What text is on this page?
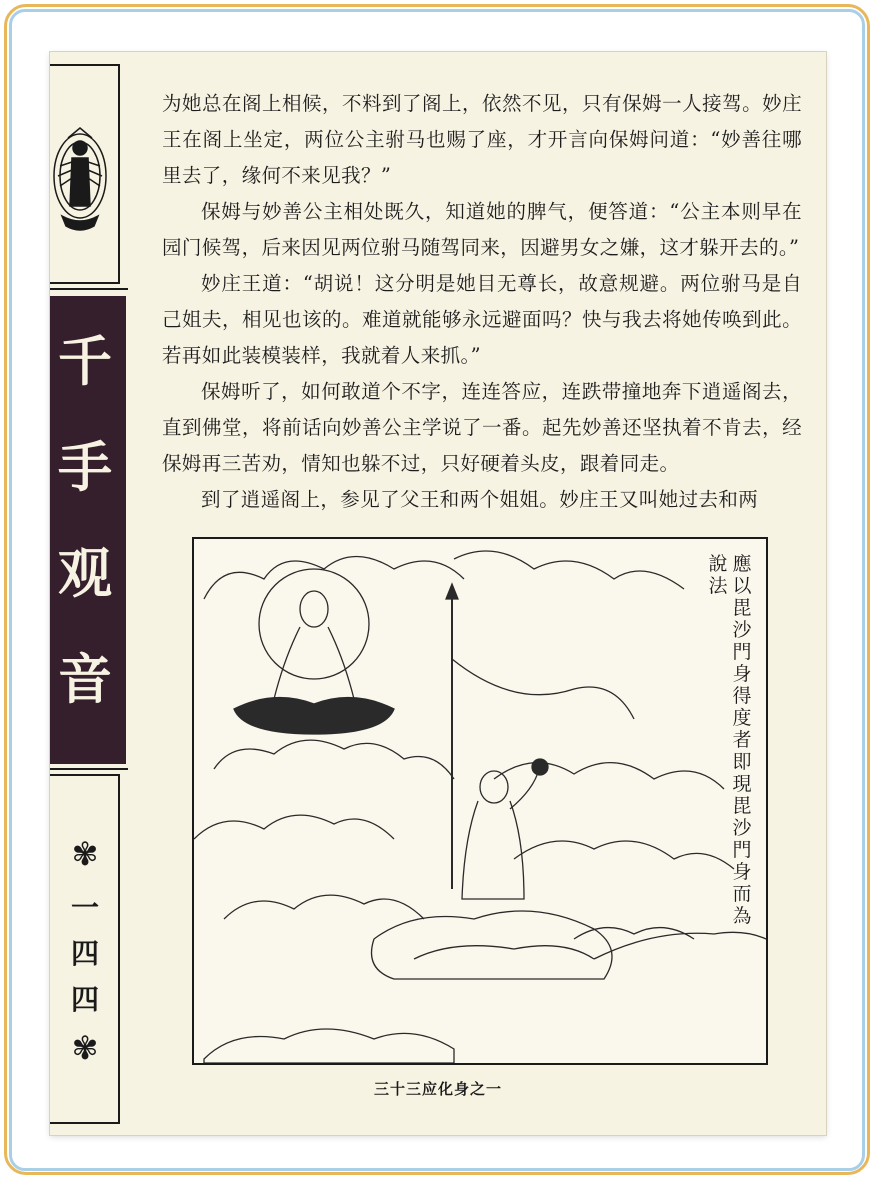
千
手
观
音
✾
一
四
四
✾

为她总在阁上相候，不料到了阁上，依然不见，只有保姆一人接驾。妙庄王在阁上坐定，两位公主驸马也赐了座，才开言向保姆问道：“妙善往哪里去了，缘何不来见我？”

保姆与妙善公主相处既久，知道她的脾气，便答道：“公主本则早在园门候驾，后来因见两位驸马随驾同来，因避男女之嫌，这才躲开去的。”

妙庄王道：“胡说！这分明是她目无尊长，故意规避。两位驸马是自己姐夫，相见也该的。难道就能够永远避面吗？快与我去将她传唤到此。若再如此装模装样，我就着人来抓。”

保姆听了，如何敢道个不字，连连答应，连跌带撞地奔下逍遥阁去，直到佛堂，将前话向妙善公主学说了一番。起先妙善还坚执着不肯去，经保姆再三苦劝，情知也躲不过，只好硬着头皮，跟着同走。

到了逍遥阁上，参见了父王和两个姐姐。妙庄王又叫她过去和两

應以毘沙門身得度者即現毘沙門身而為
說法
三十三应化身之一
